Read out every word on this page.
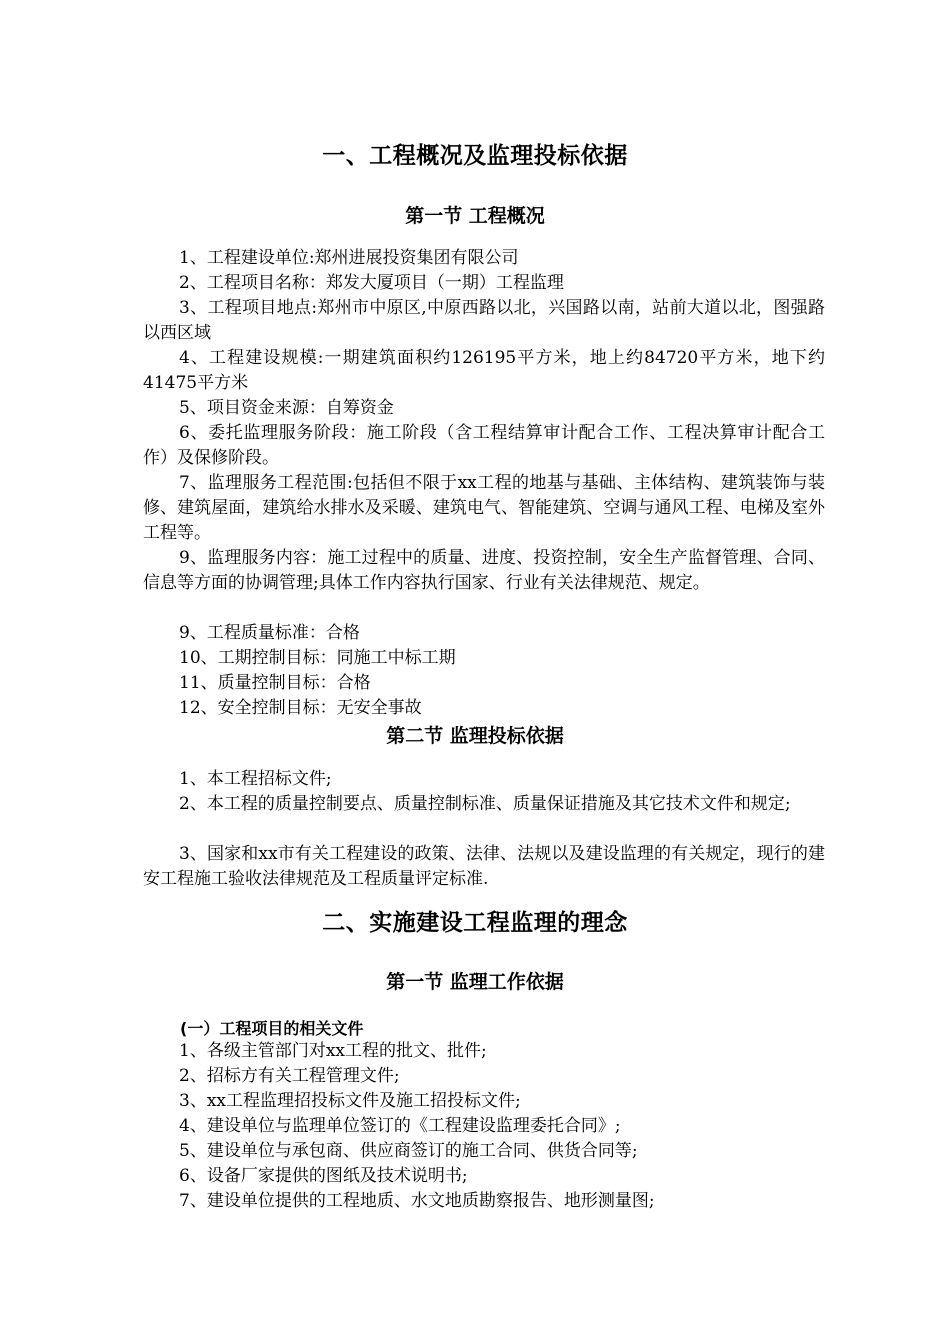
一、工程概况及监理投标依据
第一节 工程概况
1、工程建设单位:郑州进展投资集团有限公司
2、工程项目名称：郑发大厦项目（一期）工程监理
3、工程项目地点:郑州市中原区,中原西路以北，兴国路以南，站前大道以北，图强路以西区域
4、工程建设规模:一期建筑面积约126195平方米，地上约84720平方米，地下约41475平方米
5、项目资金来源：自筹资金
6、委托监理服务阶段：施工阶段（含工程结算审计配合工作、工程决算审计配合工作）及保修阶段。
7、监理服务工程范围:包括但不限于xx工程的地基与基础、主体结构、建筑装饰与装修、建筑屋面，建筑给水排水及采暖、建筑电气、智能建筑、空调与通风工程、电梯及室外工程等。
9、监理服务内容：施工过程中的质量、进度、投资控制，安全生产监督管理、合同、信息等方面的协调管理;具体工作内容执行国家、行业有关法律规范、规定。
9、工程质量标准：合格
10、工期控制目标：同施工中标工期
11、质量控制目标：合格
12、安全控制目标：无安全事故
第二节 监理投标依据
1、本工程招标文件;
2、本工程的质量控制要点、质量控制标准、质量保证措施及其它技术文件和规定;
3、国家和xx市有关工程建设的政策、法律、法规以及建设监理的有关规定，现行的建安工程施工验收法律规范及工程质量评定标准.
二、实施建设工程监理的理念
第一节 监理工作依据
(一）工程项目的相关文件
1、各级主管部门对xx工程的批文、批件;
2、招标方有关工程管理文件;
3、xx工程监理招投标文件及施工招投标文件;
4、建设单位与监理单位签订的《工程建设监理委托合同》;
5、建设单位与承包商、供应商签订的施工合同、供货合同等;
6、设备厂家提供的图纸及技术说明书;
7、建设单位提供的工程地质、水文地质勘察报告、地形测量图;
